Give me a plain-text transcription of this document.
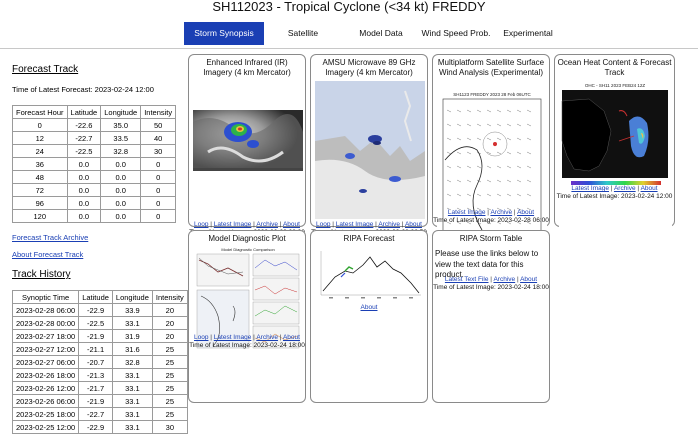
SH112023 - Tropical Cyclone (<34 kt) FREDDY
Storm Synopsis	Satellite	Model Data	Wind Speed Prob.	Experimental
Forecast Track
Time of Latest Forecast: 2023-02-24 12:00
Forecast Hour	Latitude	Longitude	Intensity
0	-22.6	35.0	50
12	-22.7	33.5	40
24	-22.5	32.8	30
36	0.0	0.0	0
48	0.0	0.0	0
72	0.0	0.0	0
96	0.0	0.0	0
120	0.0	0.0	0
Forecast Track Archive
About Forecast Track
Track History
Synoptic Time	Latitude	Longitude	Intensity
2023-02-28 06:00	-22.9	33.9	20
2023-02-28 00:00	-22.5	33.1	20
2023-02-27 18:00	-21.9	31.9	20
2023-02-27 12:00	-21.1	31.6	25
2023-02-27 06:00	-20.7	32.8	25
2023-02-26 18:00	-21.3	33.1	25
2023-02-26 12:00	-21.7	33.1	25
2023-02-26 06:00	-21.9	33.1	25
2023-02-25 18:00	-22.7	33.1	25
2023-02-25 12:00	-22.9	33.1	30
Enhanced Infrared (IR) Imagery (4 km Mercator)
Loop | Latest Image | Archive | About
AMSU Microwave 89 GHz Imagery (4 km Mercator)
Loop | Latest Image | Archive | About
Multiplatform Satellite Surface Wind Analysis (Experimental)
SH1123 FREDDY 2023 28 Feb 06UTC
⊗
Latest Image | Archive | About
Time of Latest Image: 2023-02-28 06:00
Ocean Heat Content & Forecast Track
OHC - SH11 2023 FEB24 12Z
Latest Image | Archive | About
Time of Latest Image: 2023-02-24 12:00
Model Diagnostic Plot
Model Diagnostic Comparison
Loop | Latest Image | Archive | About
Time of Latest Image: 2023-02-24 18:00
RIPA Forecast
About
RIPA Storm Table
Please use the links below to view the text data for this product.
Latest Text File | Archive | About
Time of Latest Image: 2023-02-24 18:00
